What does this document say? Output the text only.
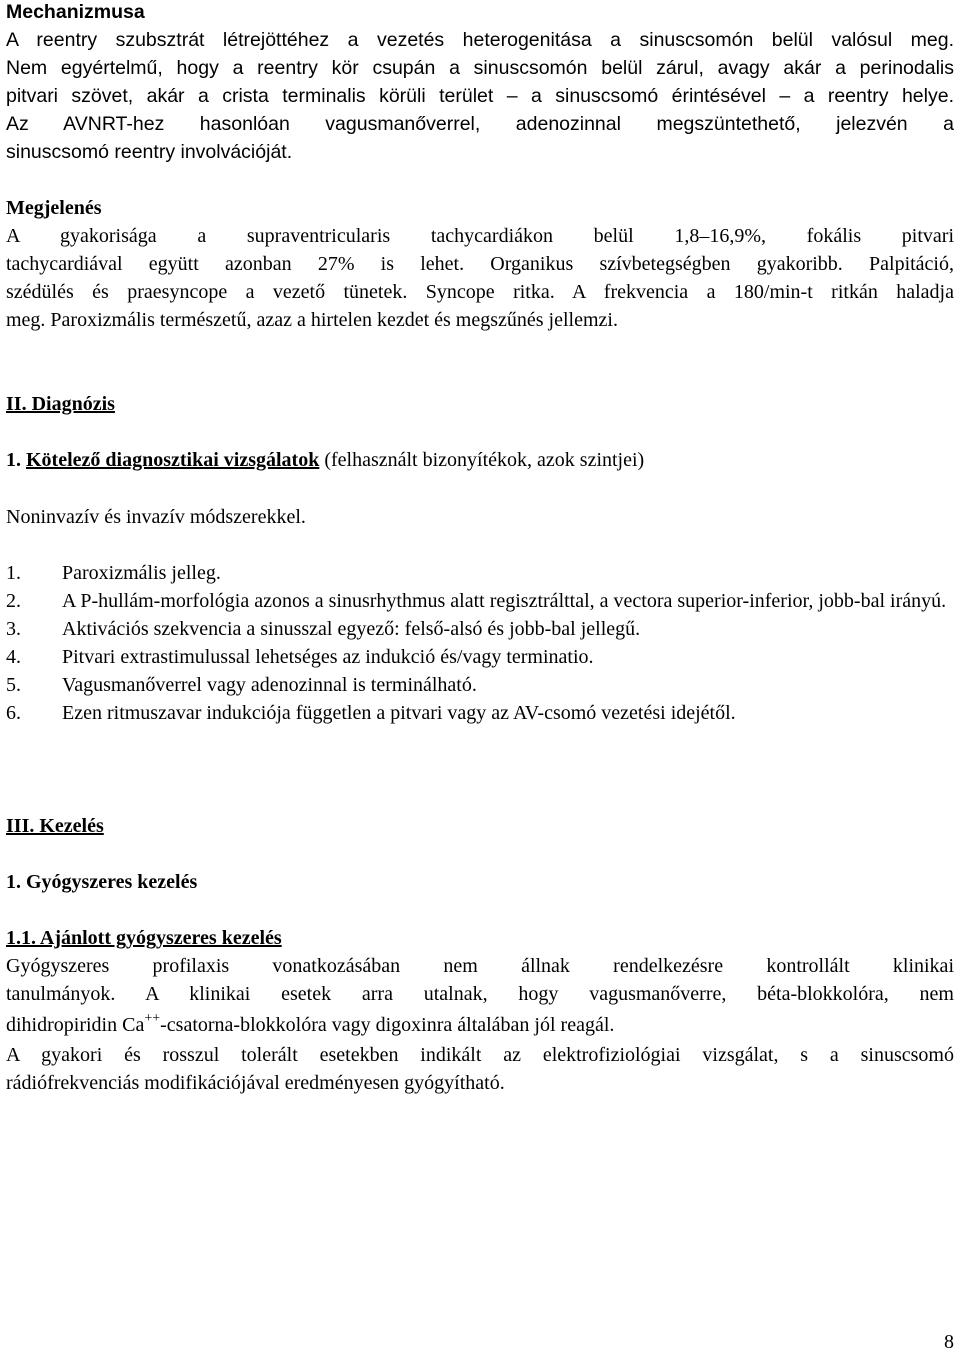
Mechanizmusa

A reentry szubsztrát létrejöttéhez a vezetés heterogenitása a sinuscsomón belül valósul meg.

Nem egyértelmű, hogy a reentry kör csupán a sinuscsomón belül zárul, avagy akár a perinodalis

pitvari szövet, akár a crista terminalis körüli terület – a sinuscsomó érintésével – a reentry helye.

Az AVNRT-hez hasonlóan vagusmanőverrel, adenozinnal megszüntethető, jelezvén a

sinuscsomó reentry involvációját.

Megjelenés

A gyakorisága a supraventricularis tachycardiákon belül 1,8–16,9%, fokális pitvari

tachycardiával együtt azonban 27% is lehet. Organikus szívbetegségben gyakoribb. Palpitáció,

szédülés és praesyncope a vezető tünetek. Syncope ritka. A frekvencia a 180/min-t ritkán haladja

meg. Paroxizmális természetű, azaz a hirtelen kezdet és megszűnés jellemzi.

II. Diagnózis
1. Kötelező diagnosztikai vizsgálatok (felhasznált bizonyítékok, azok szintjei)
Noninvazív és invazív módszerekkel.
1.	Paroxizmális jelleg.
2.	A P-hullám-morfológia azonos a sinusrhythmus alatt regisztrálttal, a vectora superior-inferior, jobb-bal irányú.
3.	Aktivációs szekvencia a sinusszal egyező: felső-alsó és jobb-bal jellegű.
4.	Pitvari extrastimulussal lehetséges az indukció és/vagy terminatio.
5.	Vagusmanőverrel vagy adenozinnal is terminálható.
6.	Ezen ritmuszavar indukciója független a pitvari vagy az AV-csomó vezetési idejétől.
III. Kezelés
1. Gyógyszeres kezelés
1.1. Ajánlott gyógyszeres kezelés

Gyógyszeres profilaxis vonatkozásában nem állnak rendelkezésre kontrollált klinikai

tanulmányok. A klinikai esetek arra utalnak, hogy vagusmanőverre, béta-blokkolóra, nem

dihidropiridin Ca++-csatorna-blokkolóra vagy digoxinra általában jól reagál.

A gyakori és rosszul tolerált esetekben indikált az elektrofiziológiai vizsgálat, s a sinuscsomó

rádiófrekvenciás modifikációjával eredményesen gyógyítható.

8
